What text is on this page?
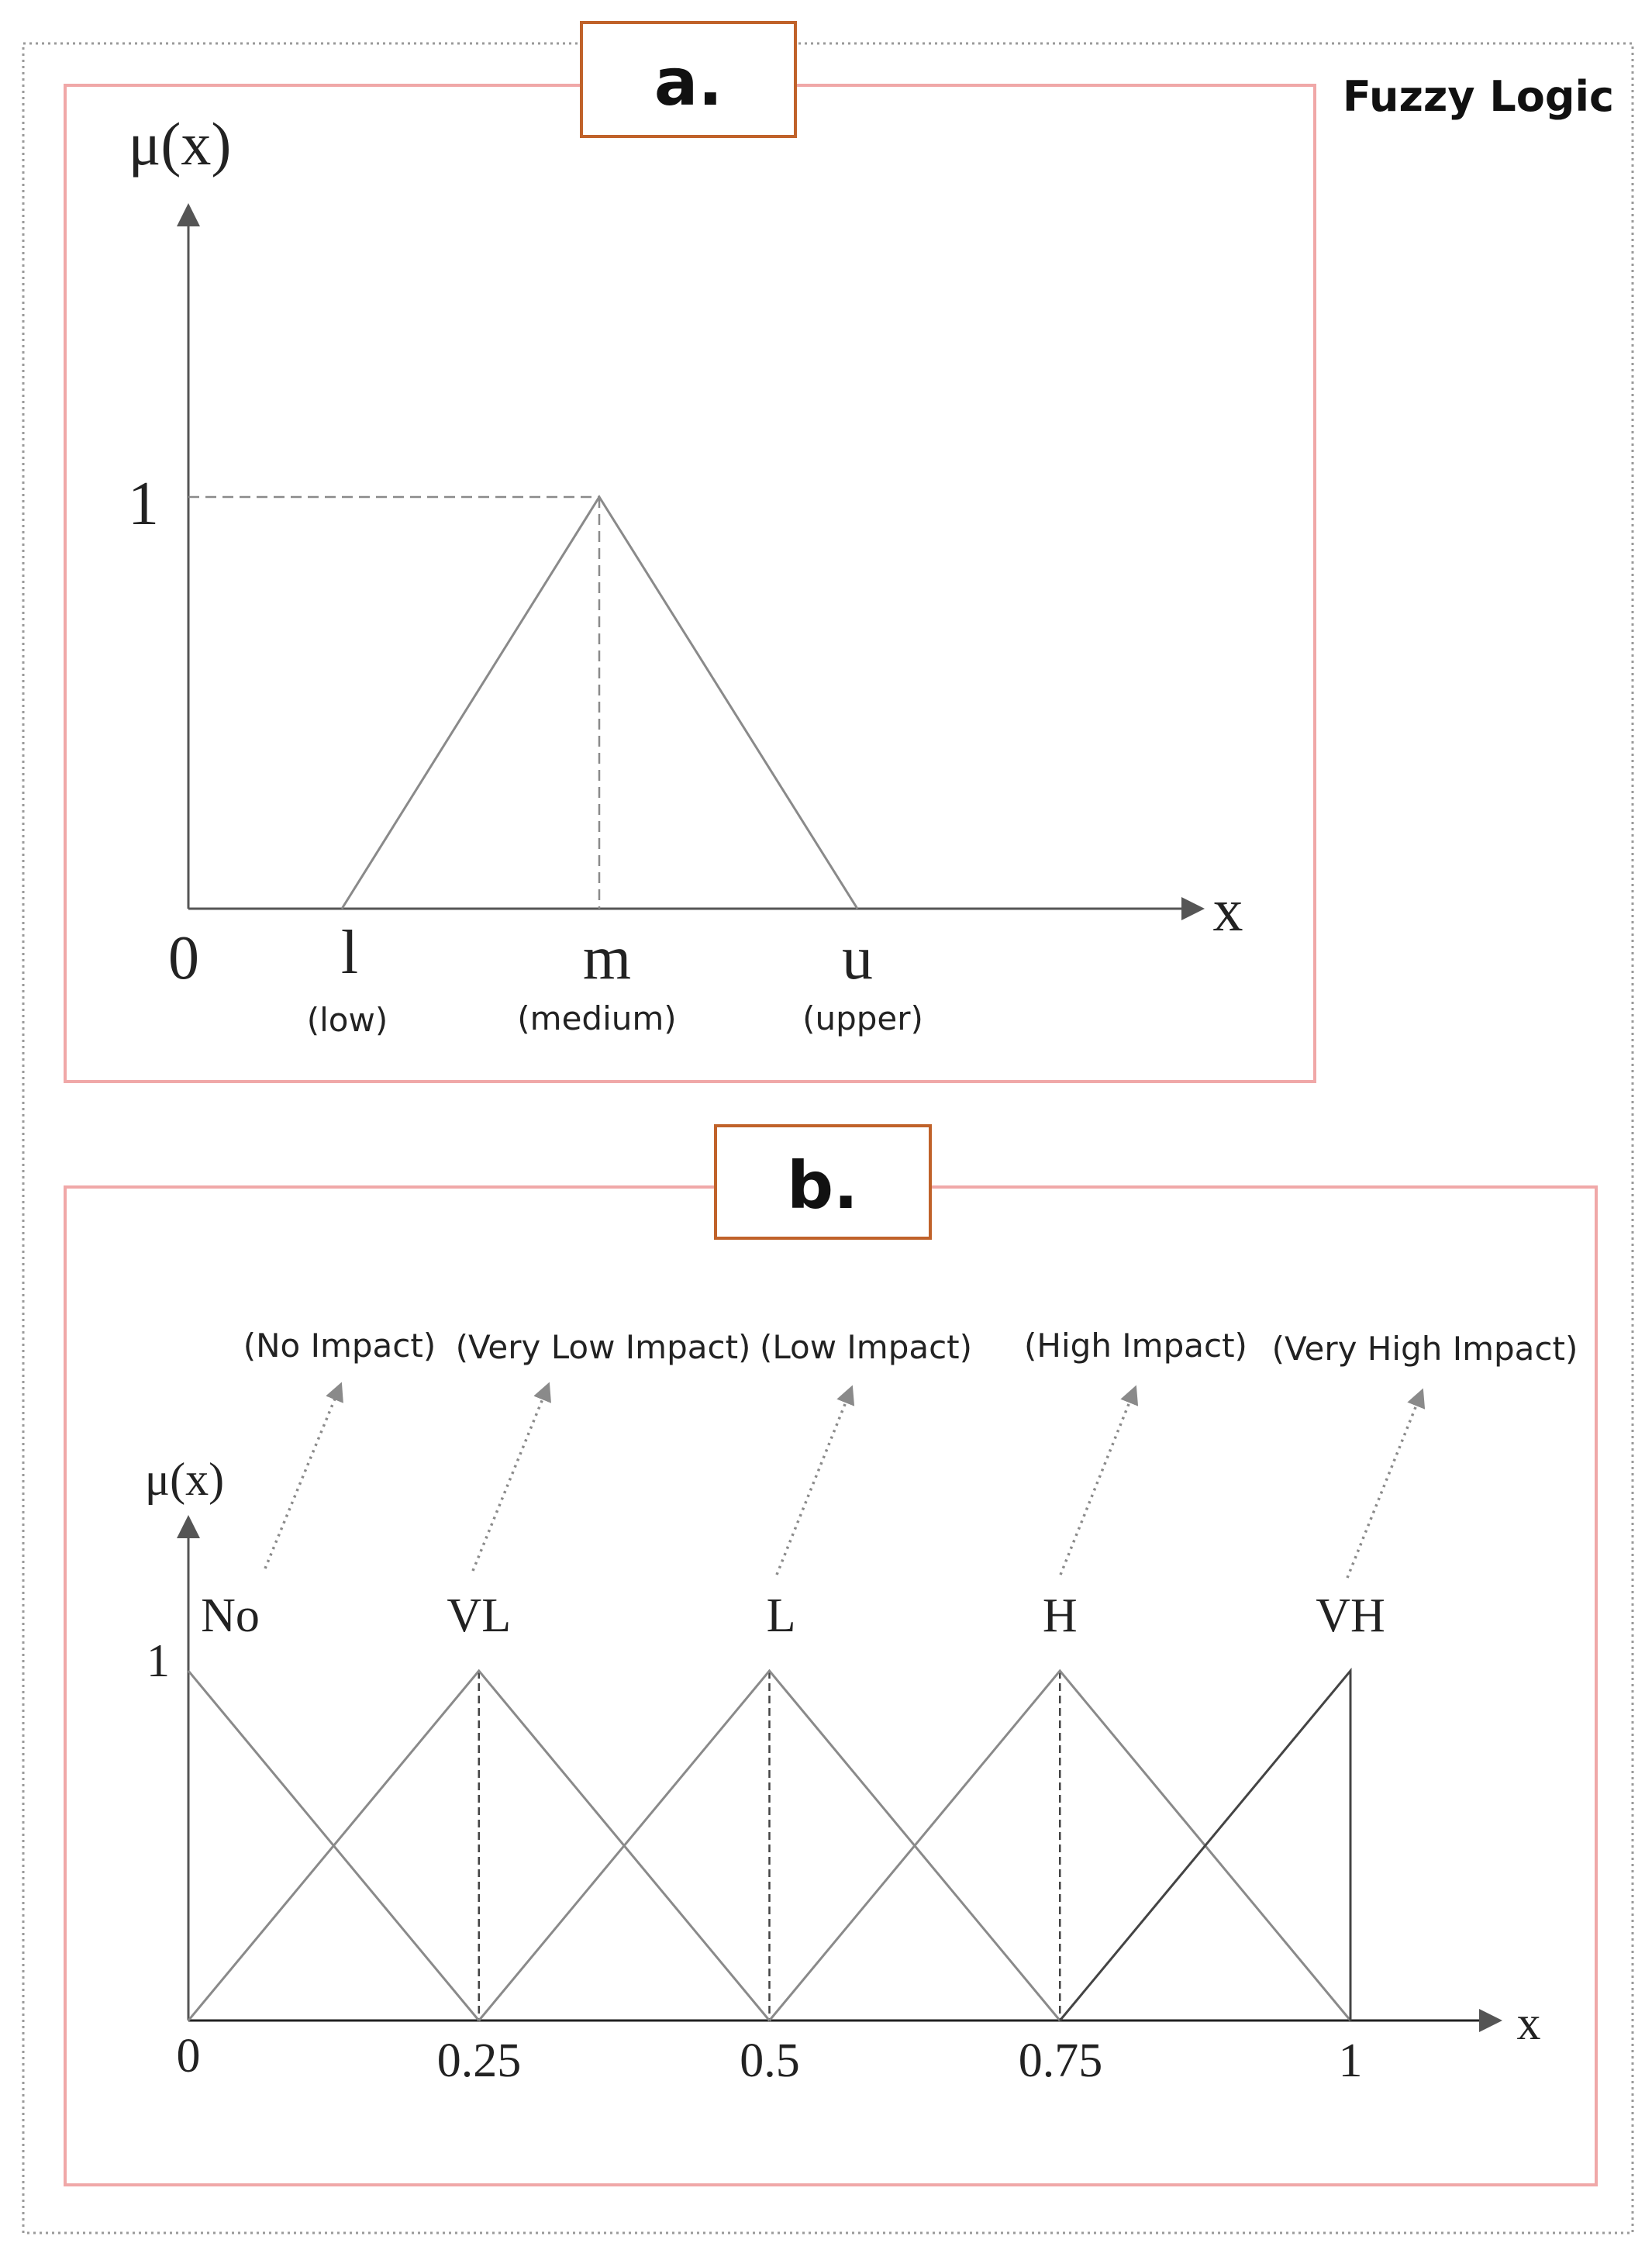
Fuzzy Logic
a.
μ(x)
x
1
0 l	m	u
(low)	(medium)	(upper)
b.
μ(x)
x
1
0	0.25	0.5	0.75	1
No	VL	L	H	VH
(No Impact) (Very Low Impact) (Low Impact) (High Impact) (Very High Impact)
